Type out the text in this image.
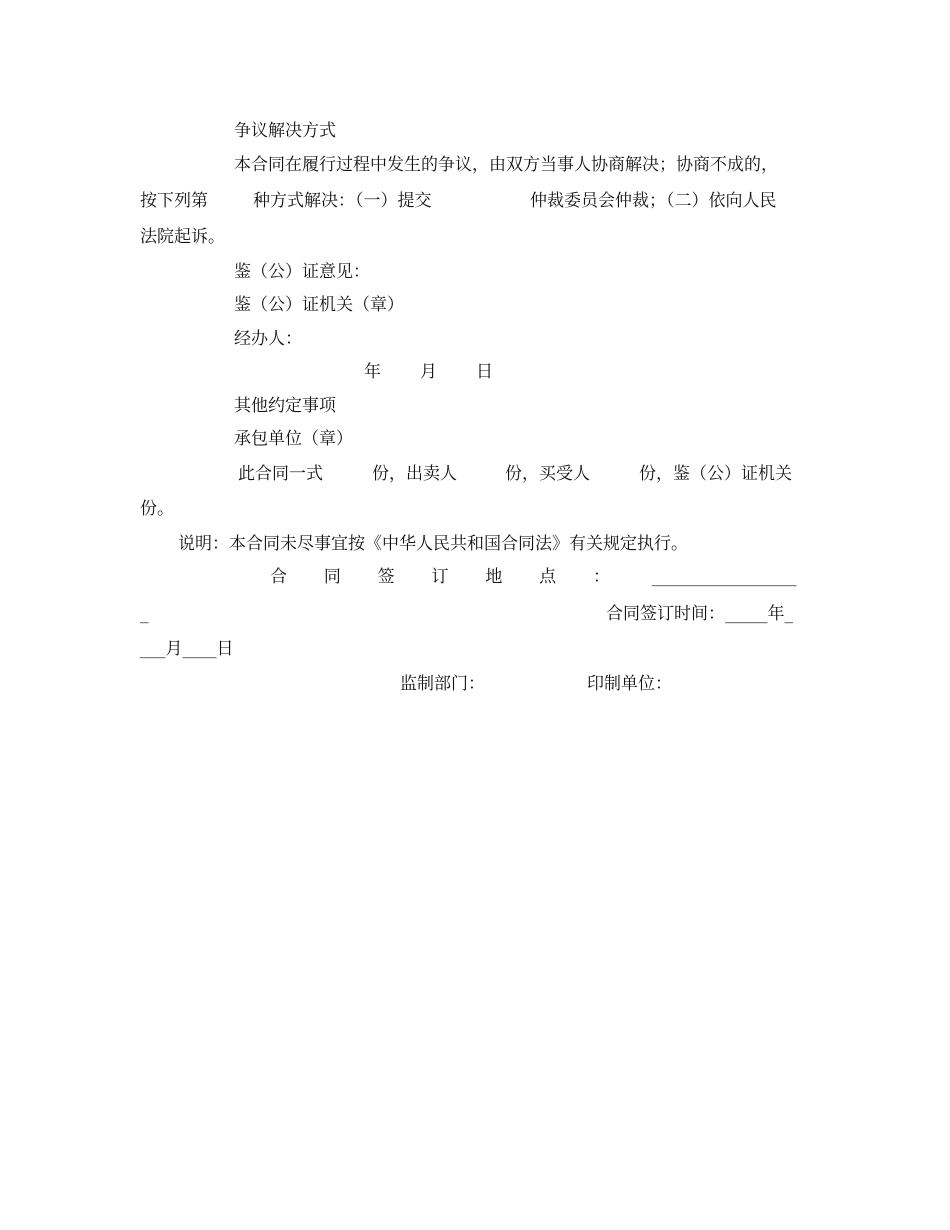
争议解决方式
本合同在履行过程中发生的争议，由双方当事人协商解决；协商不成的，
按下列第	种方式解决：（一）提交	仲裁委员会仲裁；（二）依向人民
法院起诉。
鉴（公）证意见：
鉴（公）证机关（章）
经办人：
年 月 日
其他约定事项
承包单位（章）
此合同一式	份，出卖人	份，买受人	份，鉴（公）证机关
份。
说明：本合同未尽事宜按《中华人民共和国合同法》有关规定执行。
合同签订地点： _________________
_	合同签订时间：_____年_
___月____日
监制部门：	印制单位：
